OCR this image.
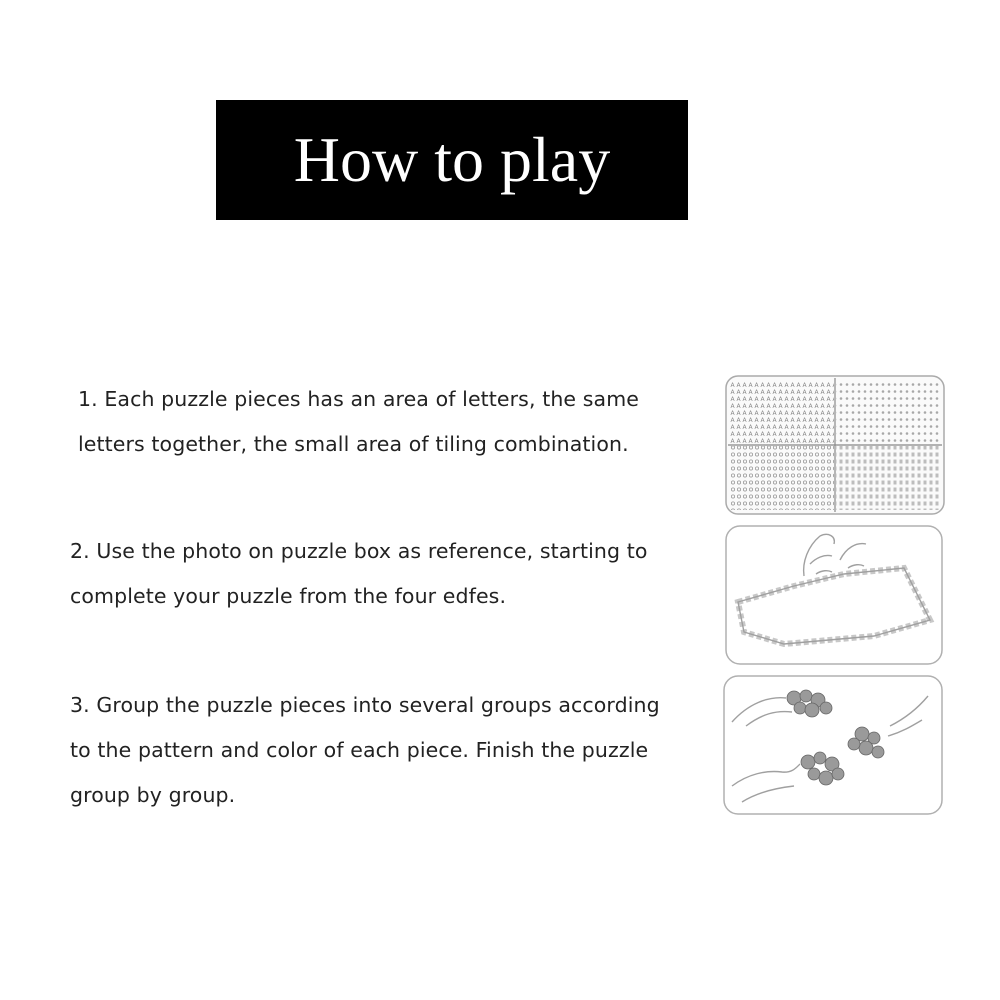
How to play
1. Each puzzle pieces has an area of letters, the same
letters together, the small area of tiling combination.
2. Use the photo on puzzle box as reference, starting to
complete your puzzle from the four edfes.
3. Group the puzzle pieces into several groups according
to the pattern and color of each piece. Finish the puzzle
group by group.
